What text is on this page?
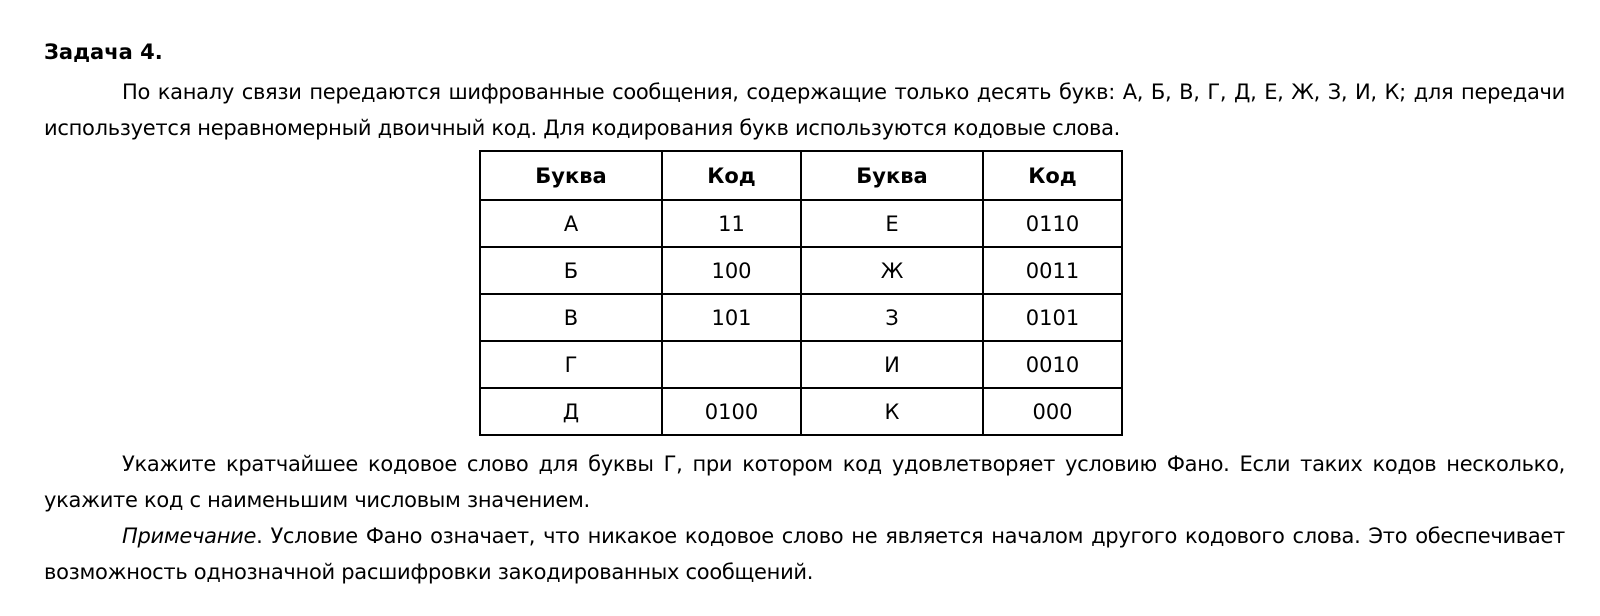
Задача 4.

По каналу связи передаются шифрованные сообщения, содержащие только десять букв: А, Б, В, Г, Д, Е, Ж, З, И, К; для передачи используется неравномерный двоичный код. Для кодирования букв используются кодовые слова.

Буква	Код	Буква	Код
А	11	Е	0110
Б	100	Ж	0011
В	101	З	0101
Г		И	0010
Д	0100	К	000

Укажите кратчайшее кодовое слово для буквы Г, при котором код удовлетворяет условию Фано. Если таких кодов несколько, укажите код с наименьшим числовым значением.

Примечание. Условие Фано означает, что никакое кодовое слово не является началом другого кодового слова. Это обеспечивает возможность однозначной расшифровки закодированных сообщений.
